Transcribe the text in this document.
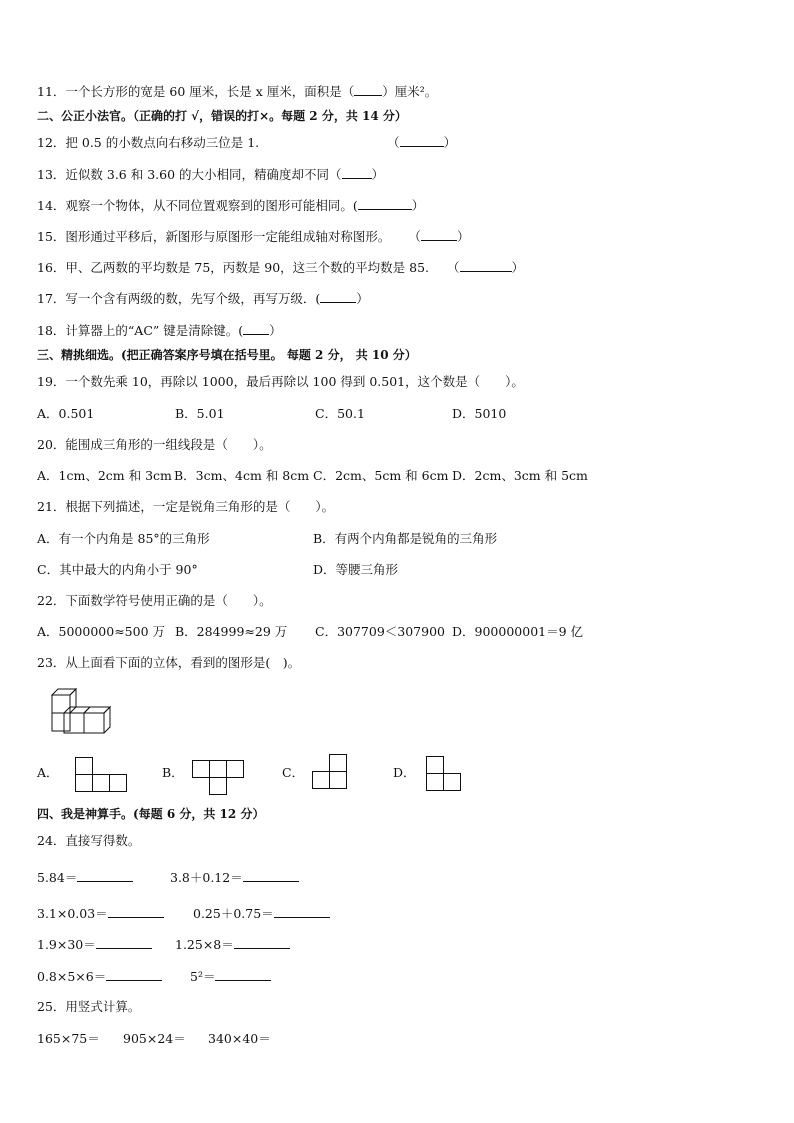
11．一个长方形的宽是 60 厘米，长是 x 厘米，面积是（ ）厘米²。
二、公正小法官。（正确的打 √，错误的打×。每题 2 分，共 14 分）
12．把 0.5 的小数点向右移动三位是 1.	（	）
13．近似数 3.6 和 3.60 的大小相同，精确度却不同（ ）
14．观察一个物体，从不同位置观察到的图形可能相同。(	）
15．图形通过平移后，新图形与原图形一定能组成轴对称图形。 （	）
16．甲、乙两数的平均数是 75，丙数是 90，这三个数的平均数是 85. （	）
17．写一个含有两级的数，先写个级，再写万级．(	）
18．计算器上的“AC” 键是清除键。( ）
三、精挑细选。(把正确答案序号填在括号里。 每题 2 分， 共 10 分）
19．一个数先乘 10，再除以 1000，最后再除以 100 得到 0.501，这个数是（　　）。
A．0.501	B．5.01	C．50.1	D．5010
20．能围成三角形的一组线段是（　　）。
A．1cm、2cm 和 3cm B．3cm、4cm 和 8cm C．2cm、5cm 和 6cm D．2cm、3cm 和 5cm
21．根据下列描述，一定是锐角三角形的是（　　）。
A．有一个内角是 85°的三角形	B．有两个内角都是锐角的三角形
C．其中最大的内角小于 90°	D．等腰三角形
22．下面数学符号使用正确的是（　　）。
A．5000000≈500 万 B．284999≈29 万 C．307709＜307900 D．900000001＝9 亿
23．从上面看下面的立体，看到的图形是(　)。
A．	B．	C．	D．
四、我是神算手。(每题 6 分，共 12 分）
24．直接写得数。
5.84＝	3.8＋0.12＝
3.1×0.03＝	0.25＋0.75＝
1.9×30＝	1.25×8＝
0.8×5×6＝	5²＝
25．用竖式计算。
165×75＝ 905×24＝ 340×40＝
